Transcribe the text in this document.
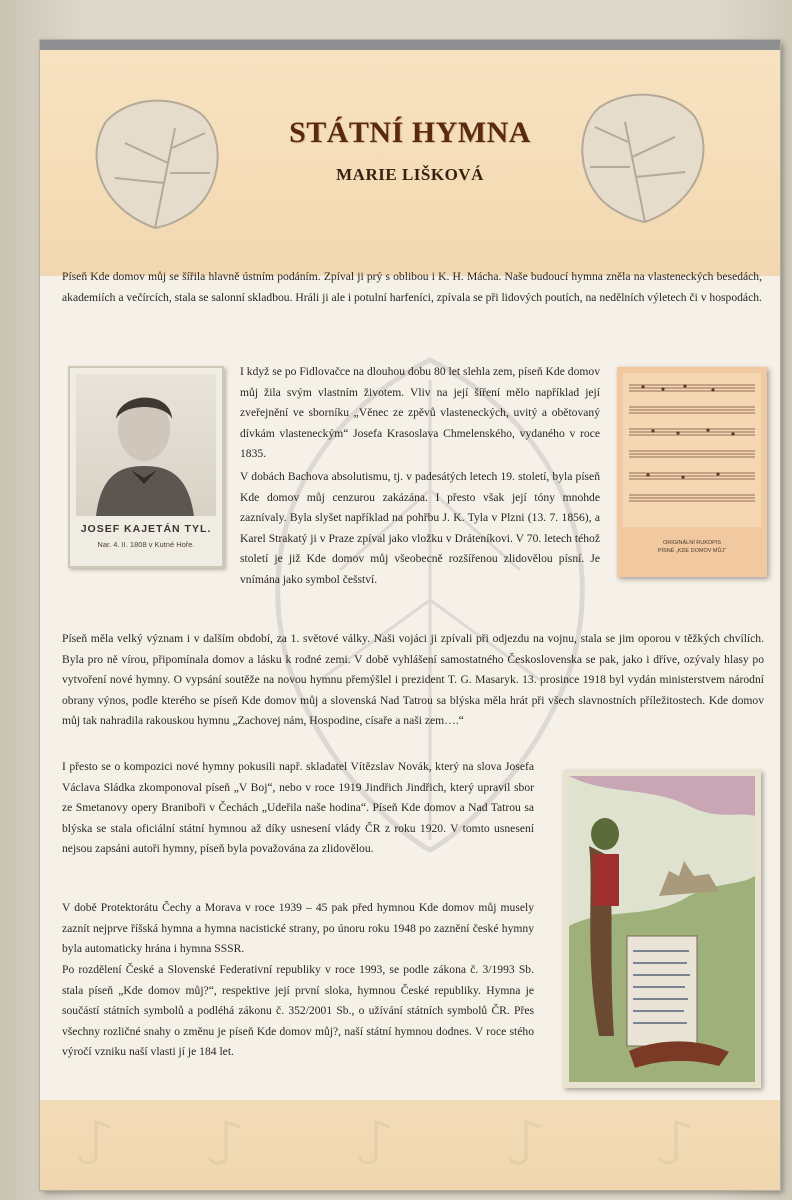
STÁTNÍ HYMNA
MARIE LIŠKOVÁ
Píseň Kde domov můj se šířila hlavně ústním podáním. Zpíval ji prý s oblibou i K. H. Mácha. Naše budoucí hymna zněla na vlasteneckých besedách, akademiích a večírcích, stala se salonní skladbou. Hráli ji ale i potulní harfeníci, zpívala se při lidových poutích, na nedělních výletech či v hospodách.
JOSEF KAJETÁN TYL.
Nar. 4. II. 1808 v Kutné Hoře.
I když se po Fidlovačce na dlouhou dobu 80 let slehla zem, píseň Kde domov můj žila svým vlastním životem. Vliv na její šíření mělo například její zveřejnění ve sborníku „Věnec ze zpěvů vlasteneckých, uvitý a obětovaný dívkám vlasteneckým“ Josefa Krasoslava Chmelenského, vydaného v roce 1835.
V dobách Bachova absolutismu, tj. v padesátých letech 19. století, byla píseň Kde domov můj cenzurou zakázána. I přesto však její tóny mnohde zaznívaly. Byla slyšet například na pohřbu J. K. Tyla v Plzni (13. 7. 1856), a Karel Strakatý ji v Praze zpíval jako vložku v Dráteníkovi. V 70. letech téhož století je již Kde domov můj všeobecně rozšířenou zlidovělou písní. Je vnímána jako symbol češství.
ORIGINÁLNÍ RUKOPIS
PÍSNĚ „KDE DOMOV MŮJ“
Píseň měla velký význam i v dalším období, za 1. světové války. Naši vojáci ji zpívali při odjezdu na vojnu, stala se jim oporou v těžkých chvílích. Byla pro ně vírou, připomínala domov a lásku k rodné zemi. V době vyhlášení samostatného Československa se pak, jako i dříve, ozývaly hlasy po vytvoření nové hymny. O vypsání soutěže na novou hymnu přemýšlel i prezident T. G. Masaryk. 13. prosince 1918 byl vydán ministerstvem národní obrany výnos, podle kterého se píseň Kde domov můj a slovenská Nad Tatrou sa blýska měla hrát při všech slavnostních příležitostech. Kde domov můj tak nahradila rakouskou hymnu „Zachovej nám, Hospodine, císaře a naši zem….“
I přesto se o kompozici nové hymny pokusili např. skladatel Vítězslav Novák, který na slova Josefa Václava Sládka zkomponoval píseň „V Boj“, nebo v roce 1919 Jindřich Jindřich, který upravil sbor ze Smetanovy opery Braniboři v Čechách „Udeřila naše hodina“. Píseň Kde domov a Nad Tatrou sa blýska se stala oficiální státní hymnou až díky usnesení vlády ČR z roku 1920. V tomto usnesení nejsou zapsáni autoři hymny, píseň byla považována za zlidovělou.
V době Protektorátu Čechy a Morava v roce 1939 – 45 pak před hymnou Kde domov můj musely zaznít nejprve říšská hymna a hymna nacistické strany, po únoru roku 1948 po zaznění české hymny byla automaticky hrána i hymna SSSR.
Po rozdělení České a Slovenské Federativní republiky v roce 1993, se podle zákona č. 3/1993 Sb. stala píseň „Kde domov můj?“, respektive její první sloka, hymnou České republiky. Hymna je součástí státních symbolů a podléhá zákonu č. 352/2001 Sb., o užívání státních symbolů ČR. Přes všechny rozličné snahy o změnu je píseň Kde domov můj?, naší státní hymnou dodnes. V roce stého výročí vzniku naší vlasti jí je 184 let.
